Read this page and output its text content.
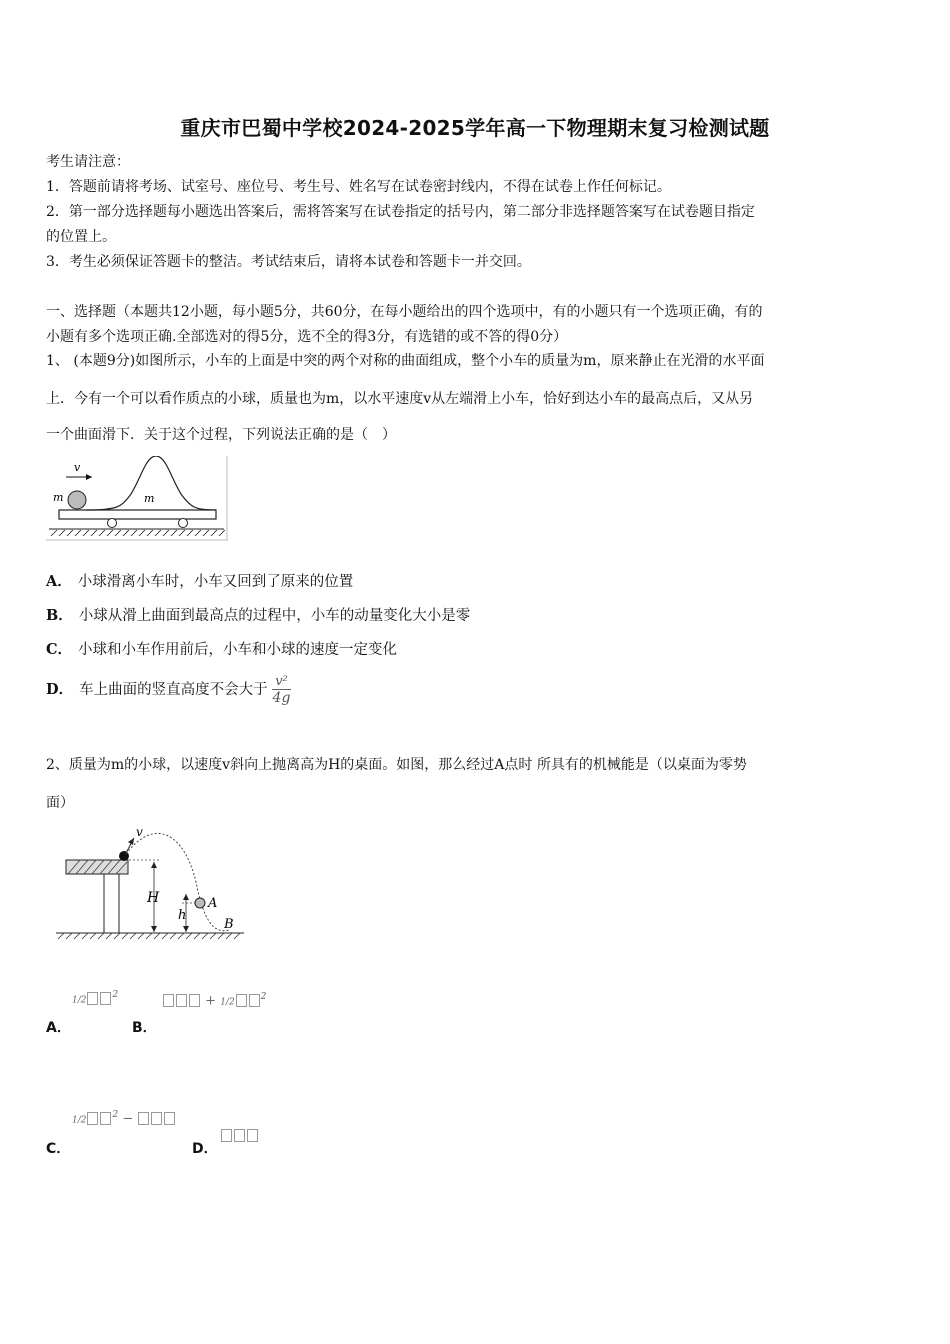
重庆市巴蜀中学校2024-2025学年高一下物理期末复习检测试题
考生请注意：
1．答题前请将考场、试室号、座位号、考生号、姓名写在试卷密封线内，不得在试卷上作任何标记。
2．第一部分选择题每小题选出答案后，需将答案写在试卷指定的括号内，第二部分非选择题答案写在试卷题目指定
的位置上。
3．考生必须保证答题卡的整洁。考试结束后，请将本试卷和答题卡一并交回。
一、选择题（本题共12小题，每小题5分，共60分，在每小题给出的四个选项中，有的小题只有一个选项正确，有的
小题有多个选项正确.全部选对的得5分，选不全的得3分，有选错的或不答的得0分）
1、 (本题9分)如图所示，小车的上面是中突的两个对称的曲面组成，整个小车的质量为m，原来静止在光滑的水平面
上．今有一个可以看作质点的小球，质量也为m，以水平速度v从左端滑上小车，恰好到达小车的最高点后，又从另
一个曲面滑下．关于这个过程，下列说法正确的是（　）
v
m	m
A． 小球滑离小车时，小车又回到了原来的位置
B． 小球从滑上曲面到最高点的过程中，小车的动量变化大小是零
C． 小球和小车作用前后，小车和小球的速度一定变化
D． 车上曲面的竖直高度不会大于 $\frac{\text{v²}}{4g}$
2、质量为m的小球，以速度v斜向上抛离高为H的桌面。如图，那么经过A点时 所具有的机械能是（以桌面为零势
面）
v
H
h
A
B
A．
$1/2^2$
B．
+ $1/2^2$
C．
$1/2^2$ −
D．
